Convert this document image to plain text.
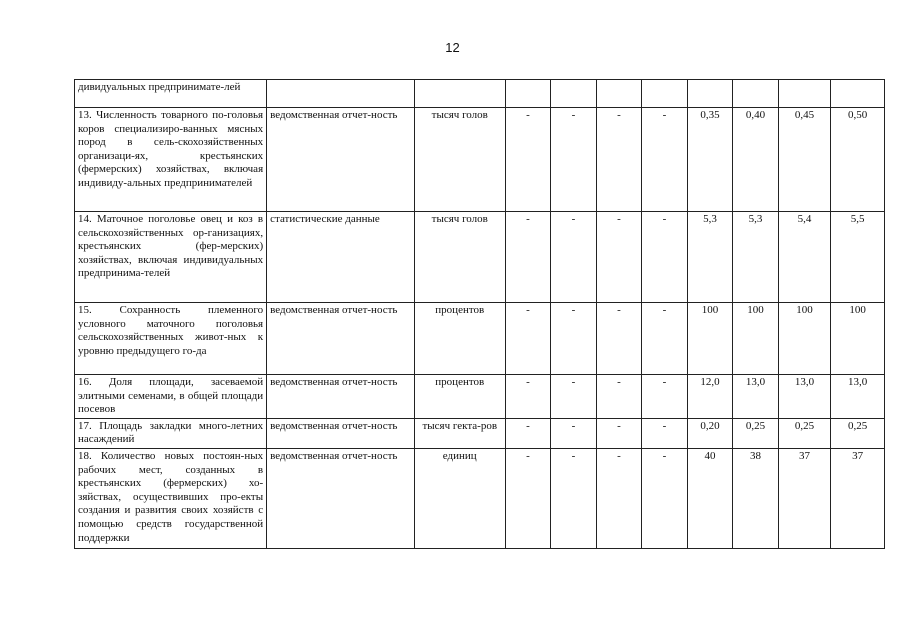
12
дивидуальных предпринимате-лей										
13. Численность товарного по-головья коров специализиро-ванных мясных пород в сель-скохозяйственных организаци-ях, крестьянских (фермерских) хозяйствах, включая индивиду-альных предпринимателей	ведомственная отчет-ность	тысяч голов	-	-	-	-	0,35	0,40	0,45	0,50
14. Маточное поголовье овец и коз в сельскохозяйственных ор-ганизациях, крестьянских (фер-мерских) хозяйствах, включая индивидуальных предпринима-телей	статистические данные	тысяч голов	-	-	-	-	5,3	5,3	5,4	5,5
15. Сохранность племенного условного маточного поголовья сельскохозяйственных живот-ных к уровню предыдущего го-да	ведомственная отчет-ность	процентов	-	-	-	-	100	100	100	100
16. Доля площади, засеваемой элитными семенами, в общей площади посевов	ведомственная отчет-ность	процентов	-	-	-	-	12,0	13,0	13,0	13,0
17. Площадь закладки много-летних насаждений	ведомственная отчет-ность	тысяч гекта-ров	-	-	-	-	0,20	0,25	0,25	0,25
18. Количество новых постоян-ных рабочих мест, созданных в крестьянских (фермерских) хо-зяйствах, осуществивших про-екты создания и развития своих хозяйств с помощью средств государственной поддержки	ведомственная отчет-ность	единиц	-	-	-	-	40	38	37	37
